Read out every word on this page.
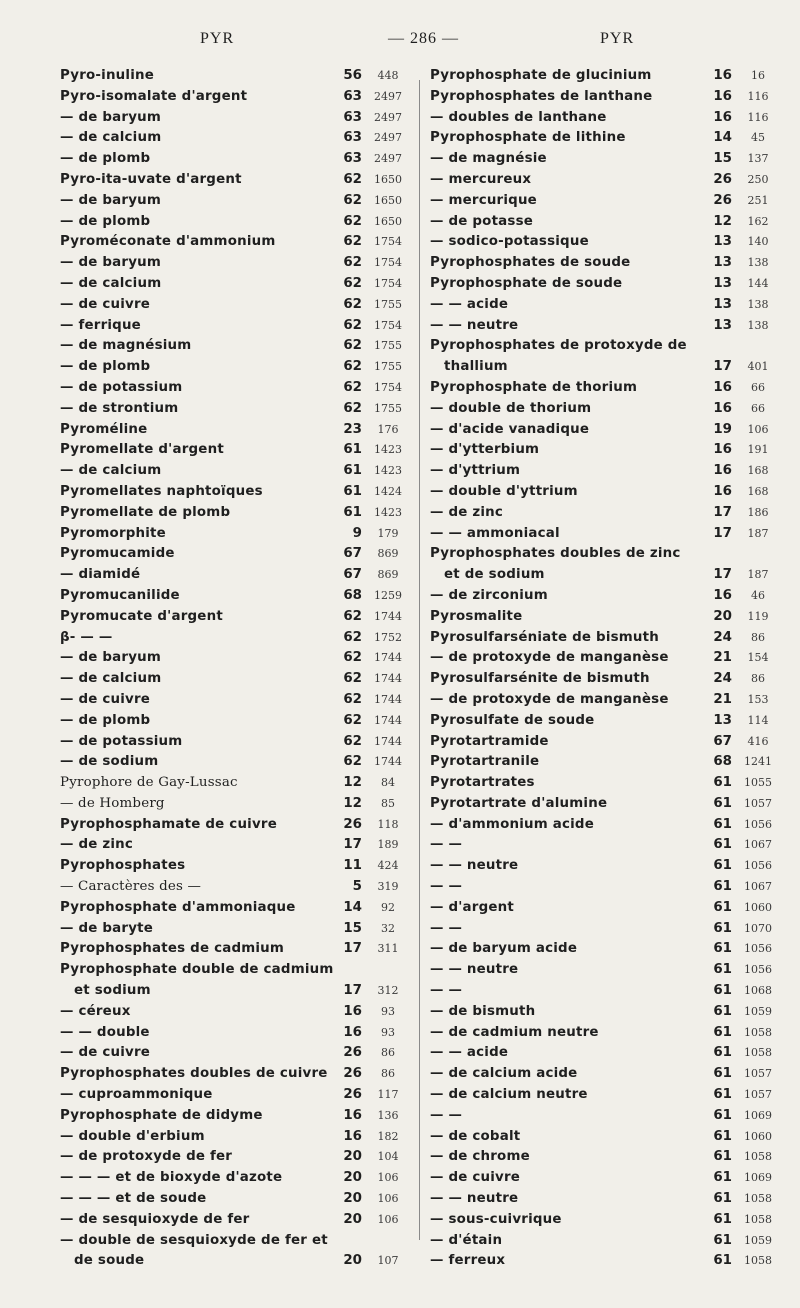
PYR	— 286 —	PYR
Pyro-inuline	56	448
Pyro-isomalate d'argent	63	2497
— de baryum	63	2497
— de calcium	63	2497
— de plomb	63	2497
Pyro-ita-uvate d'argent	62	1650
— de baryum	62	1650
— de plomb	62	1650
Pyroméconate d'ammonium	62	1754
— de baryum	62	1754
— de calcium	62	1754
— de cuivre	62	1755
— ferrique	62	1754
— de magnésium	62	1755
— de plomb	62	1755
— de potassium	62	1754
— de strontium	62	1755
Pyroméline	23	176
Pyromellate d'argent	61	1423
— de calcium	61	1423
Pyromellates naphtoïques	61	1424
Pyromellate de plomb	61	1423
Pyromorphite	9	179
Pyromucamide	67	869
— diamidé	67	869
Pyromucanilide	68	1259
Pyromucate d'argent	62	1744
β- — —	62	1752
— de baryum	62	1744
— de calcium	62	1744
— de cuivre	62	1744
— de plomb	62	1744
— de potassium	62	1744
— de sodium	62	1744
Pyrophore de Gay-Lussac	12	84
— de Homberg	12	85
Pyrophosphamate de cuivre	26	118
— de zinc	17	189
Pyrophosphates	11	424
— Caractères des —	5	319
Pyrophosphate d'ammoniaque	14	92
— de baryte	15	32
Pyrophosphates de cadmium	17	311
Pyrophosphate double de cadmium
et sodium	17	312
— céreux	16	93
— — double	16	93
— de cuivre	26	86
Pyrophosphates doubles de cuivre	26	86
— cuproammonique	26	117
Pyrophosphate de didyme	16	136
— double d'erbium	16	182
— de protoxyde de fer	20	104
— — — et de bioxyde d'azote	20	106
— — — et de soude	20	106
— de sesquioxyde de fer	20	106
— double de sesquioxyde de fer et
de soude	20	107
Pyrophosphate de glucinium	16	16
Pyrophosphates de lanthane	16	116
— doubles de lanthane	16	116
Pyrophosphate de lithine	14	45
— de magnésie	15	137
— mercureux	26	250
— mercurique	26	251
— de potasse	12	162
— sodico-potassique	13	140
Pyrophosphates de soude	13	138
Pyrophosphate de soude	13	144
— — acide	13	138
— — neutre	13	138
Pyrophosphates de protoxyde de
thallium	17	401
Pyrophosphate de thorium	16	66
— double de thorium	16	66
— d'acide vanadique	19	106
— d'ytterbium	16	191
— d'yttrium	16	168
— double d'yttrium	16	168
— de zinc	17	186
— — ammoniacal	17	187
Pyrophosphates doubles de zinc
et de sodium	17	187
— de zirconium	16	46
Pyrosmalite	20	119
Pyrosulfarséniate de bismuth	24	86
— de protoxyde de manganèse	21	154
Pyrosulfarsénite de bismuth	24	86
— de protoxyde de manganèse	21	153
Pyrosulfate de soude	13	114
Pyrotartramide	67	416
Pyrotartranile	68	1241
Pyrotartrates	61	1055
Pyrotartrate d'alumine	61	1057
— d'ammonium acide	61	1056
— —	61	1067
— — neutre	61	1056
— —	61	1067
— d'argent	61	1060
— —	61	1070
— de baryum acide	61	1056
— — neutre	61	1056
— —	61	1068
— de bismuth	61	1059
— de cadmium neutre	61	1058
— — acide	61	1058
— de calcium acide	61	1057
— de calcium neutre	61	1057
— —	61	1069
— de cobalt	61	1060
— de chrome	61	1058
— de cuivre	61	1069
— — neutre	61	1058
— sous-cuivrique	61	1058
— d'étain	61	1059
— ferreux	61	1058
